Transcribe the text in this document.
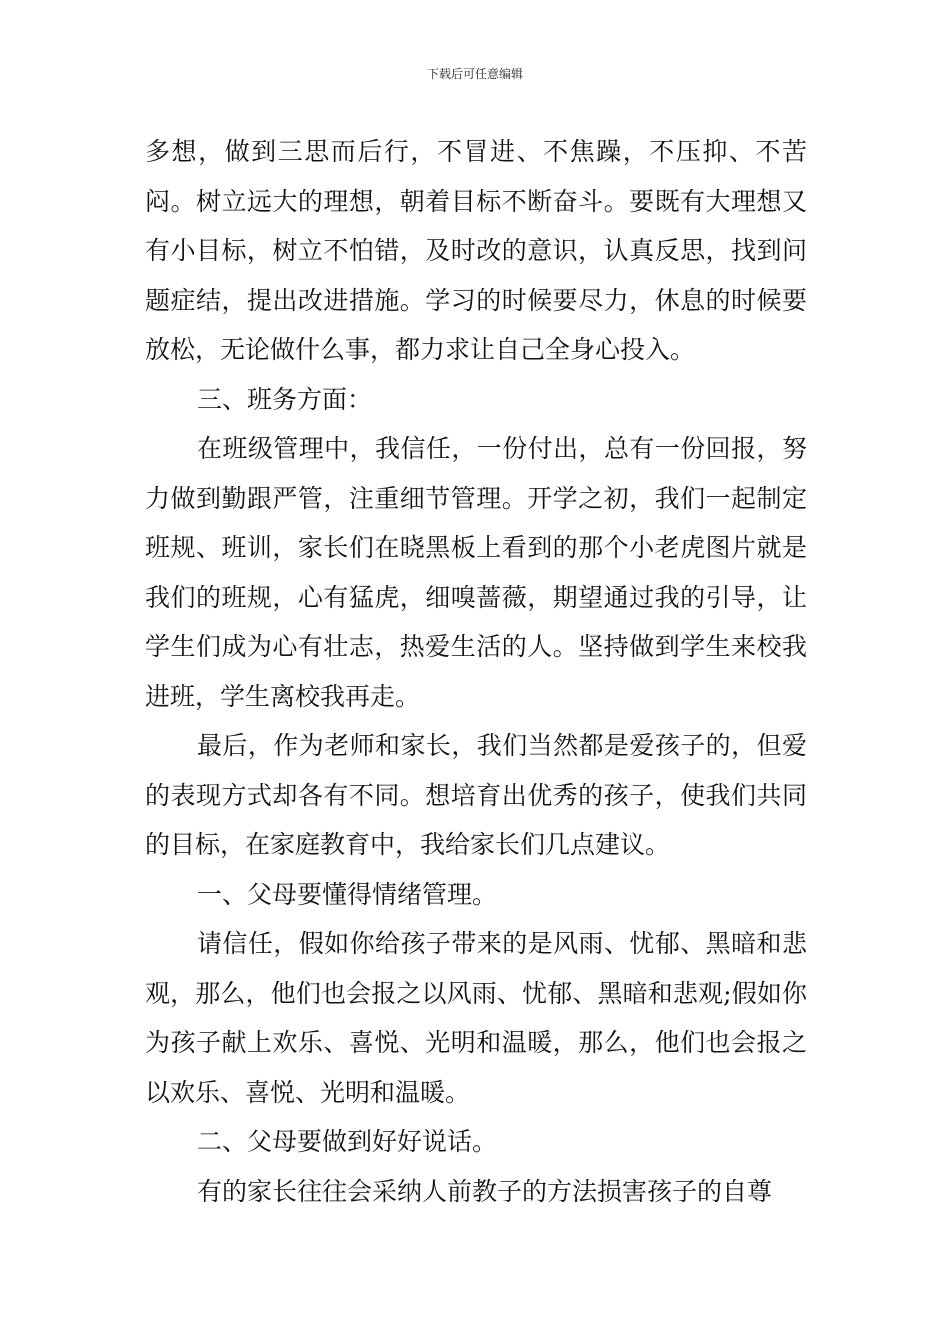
下载后可任意编辑

多想，做到三思而后行，不冒进、不焦躁，不压抑、不苦闷。树立远大的理想，朝着目标不断奋斗。要既有大理想又有小目标，树立不怕错，及时改的意识，认真反思，找到问题症结，提出改进措施。学习的时候要尽力，休息的时候要放松，无论做什么事，都力求让自己全身心投入。

三、班务方面：

在班级管理中，我信任，一份付出，总有一份回报，努力做到勤跟严管，注重细节管理。开学之初，我们一起制定班规、班训，家长们在晓黑板上看到的那个小老虎图片就是我们的班规，心有猛虎，细嗅蔷薇，期望通过我的引导，让学生们成为心有壮志，热爱生活的人。坚持做到学生来校我进班，学生离校我再走。

最后，作为老师和家长，我们当然都是爱孩子的，但爱的表现方式却各有不同。想培育出优秀的孩子，使我们共同的目标，在家庭教育中，我给家长们几点建议。

一、父母要懂得情绪管理。

请信任，假如你给孩子带来的是风雨、忧郁、黑暗和悲观，那么，他们也会报之以风雨、忧郁、黑暗和悲观;假如你为孩子献上欢乐、喜悦、光明和温暖，那么，他们也会报之以欢乐、喜悦、光明和温暖。

二、父母要做到好好说话。

有的家长往往会采纳人前教子的方法损害孩子的自尊
